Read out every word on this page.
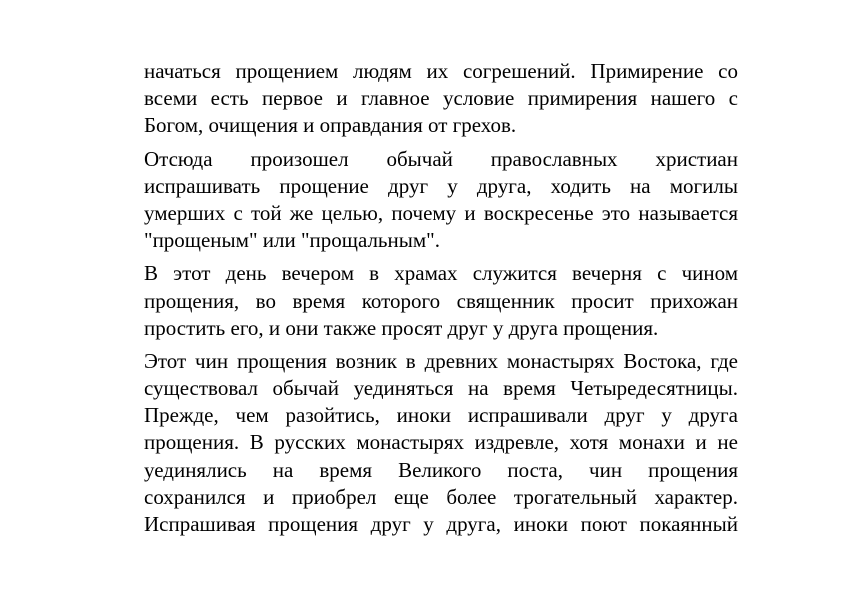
начаться прощением людям их согрешений. Примирение со
всеми есть первое и главное условие примирения нашего с
Богом, очищения и оправдания от грехов.
Отсюда произошел обычай православных христиан
испрашивать прощение друг у друга, ходить на могилы
умерших с той же целью, почему и воскресенье это называется
"прощеным" или "прощальным".
В этот день вечером в храмах служится вечерня с чином
прощения, во время которого священник просит прихожан
простить его, и они также просят друг у друга прощения.
Этот чин прощения возник в древних монастырях Востока, где
существовал обычай уединяться на время Четыредесятницы.
Прежде, чем разойтись, иноки испрашивали друг у друга
прощения. В русских монастырях издревле, хотя монахи и не
уединялись на время Великого поста, чин прощения
сохранился и приобрел еще более трогательный характер.
Испрашивая прощения друг у друга, иноки поют покаянный
